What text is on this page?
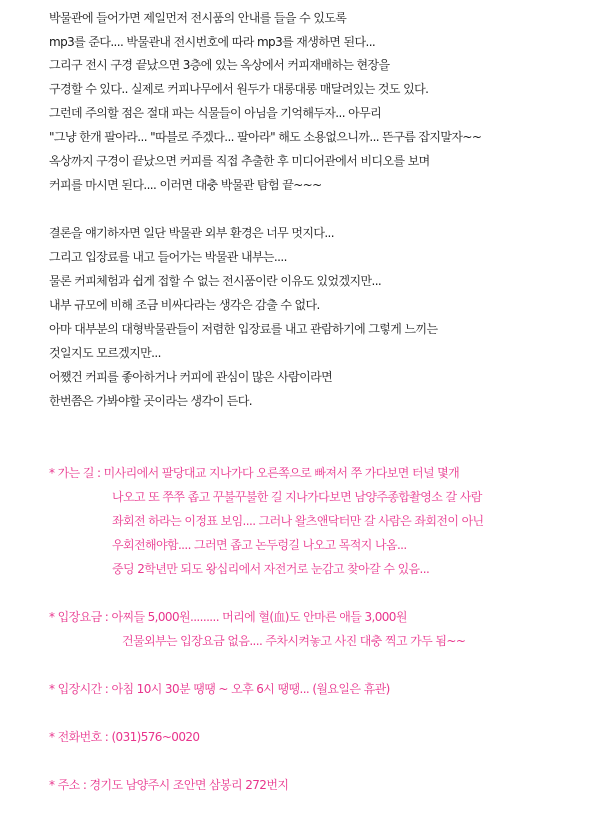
박물관에 들어가면 제일먼저 전시품의 안내를 들을 수 있도록
mp3를 준다.... 박물관내 전시번호에 따라 mp3를 재생하면 된다...
그리구 전시 구경 끝났으면 3층에 있는 옥상에서 커피재배하는 현장을
구경할 수 있다.. 실제로 커피나무에서 원두가 대롱대롱 매달려있는 것도 있다.
그런데 주의할 점은 절대 파는 식물들이 아님을 기억해두자... 아무리
"그냥 한개 팔아라... "따블로 주겠다... 팔아라" 해도 소용없으니까... 뜬구름 잡지말자~~
옥상까지 구경이 끝났으면 커피를 직접 추출한 후 미디어관에서 비디오를 보며
커피를 마시면 된다.... 이러면 대충 박물관 탐험 끝~~~
결론을 얘기하자면 일단 박물관 외부 환경은 너무 멋지다...
그리고 입장료를 내고 들어가는 박물관 내부는....
물론 커피체험과 쉽게 접할 수 없는 전시품이란 이유도 있었겠지만...
내부 규모에 비해 조금 비싸다라는 생각은 감출 수 없다.
아마 대부분의 대형박물관들이 저렴한 입장료를 내고 관람하기에 그렇게 느끼는
것일지도 모르겠지만...
어쨌건 커피를 좋아하거나 커피에 관심이 많은 사람이라면
한번쯤은 가봐야할 곳이라는 생각이 든다.
* 가는 길 : 미사리에서 팔당대교 지나가다 오른쪽으로 빠져서 쭈 가다보면 터널 몇개
나오고 또 쭈쭈 좁고 꾸불꾸불한 길 지나가다보면 남양주종합촬영소 갈 사람
좌회전 하라는 이정표 보임.... 그러나 왈츠앤닥터만 갈 사람은 좌회전이 아닌
우회전해야함.... 그러면 좁고 논두렁길 나오고 목적지 나옴...
중딩 2학년만 되도 왕십리에서 자전거로 눈감고 찾아갈 수 있음...
* 입장요금 : 아찌들 5,000원......... 머리에 혈(血)도 안마른 애들 3,000원
건물외부는 입장요금 없음.... 주차시켜놓고 사진 대충 찍고 가두 됨~~
* 입장시간 : 아침 10시 30분 땡땡 ~ 오후 6시 땡땡... (월요일은 휴관)
* 전화번호 : (031)576~0020
* 주소 : 경기도 남양주시 조안면 삼봉리 272번지
